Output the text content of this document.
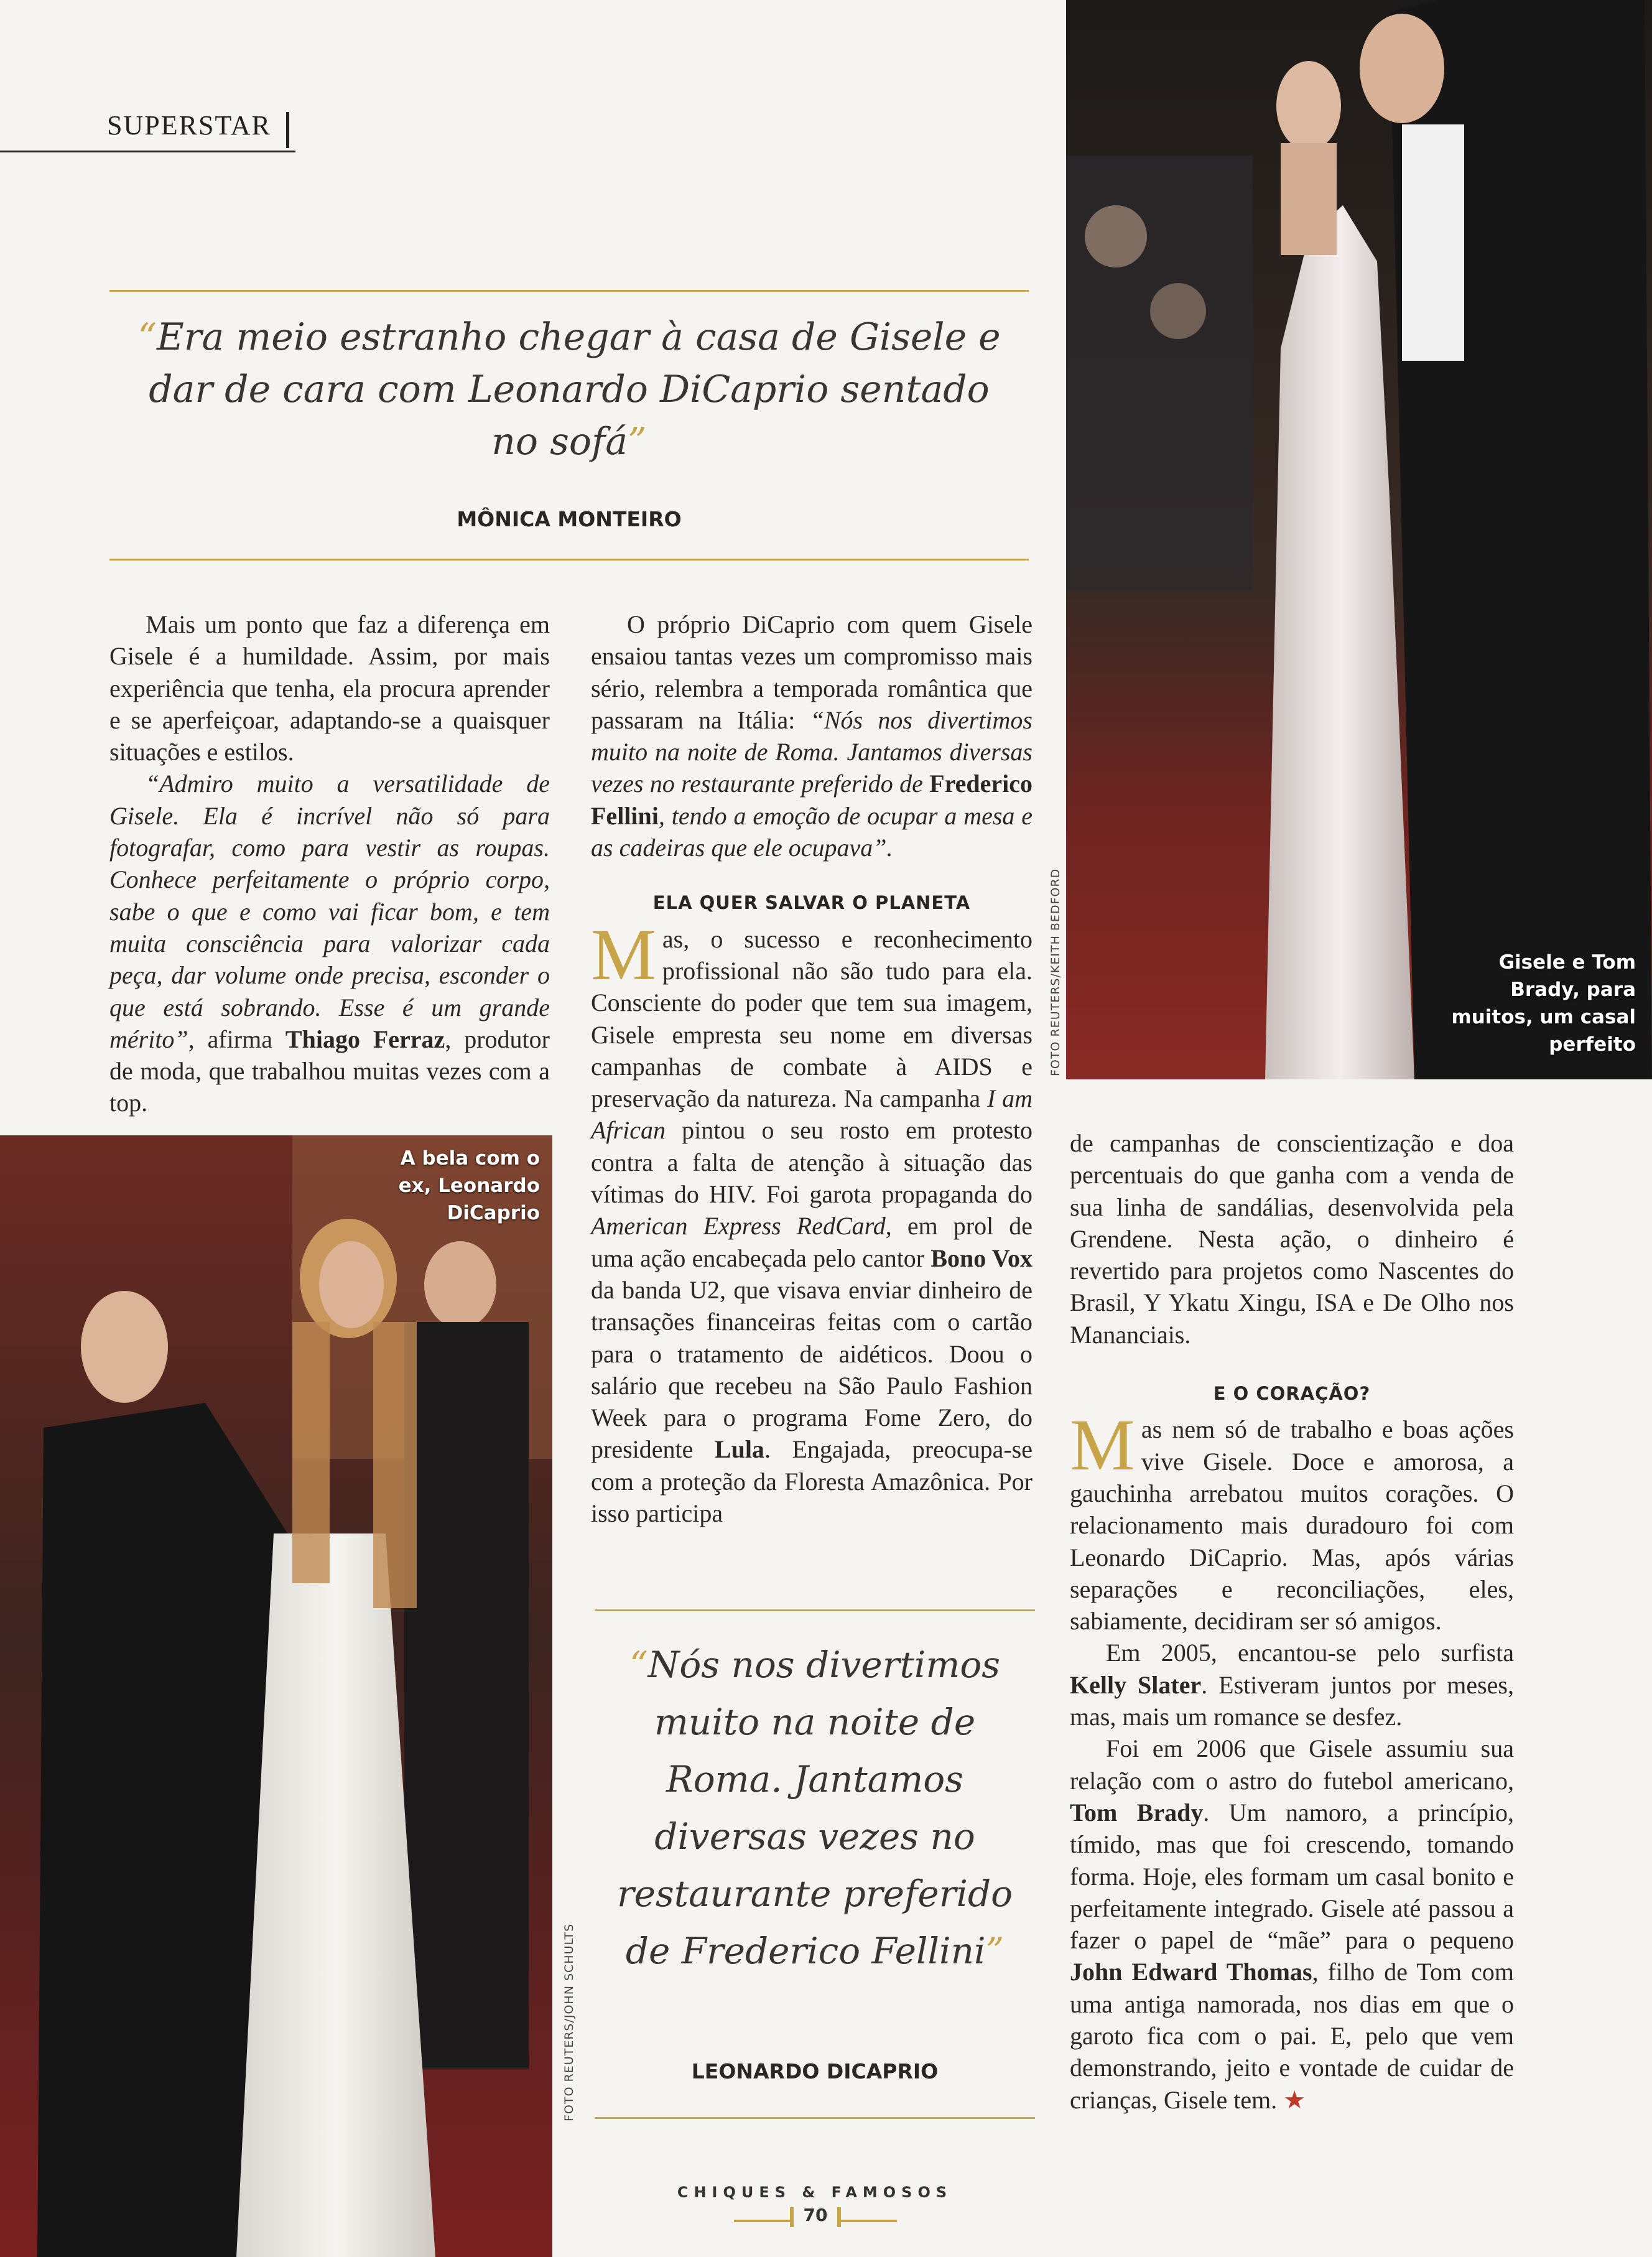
SUPERSTAR
“Era meio estranho chegar à casa de Gisele e dar de cara com Leonardo DiCaprio sentado no sofá”
MÔNICA MONTEIRO

Mais um ponto que faz a diferença em Gisele é a humildade. Assim, por mais experiência que tenha, ela procura aprender e se aperfeiçoar, adaptando-se a quaisquer situações e estilos.

“Admiro muito a versatilidade de Gisele. Ela é incrível não só para fotografar, como para vestir as roupas. Conhece perfeitamente o próprio corpo, sabe o que e como vai ficar bom, e tem muita consciência para valorizar cada peça, dar volume onde precisa, esconder o que está sobrando. Esse é um grande mérito”, afirma Thiago Ferraz, produtor de moda, que trabalhou muitas vezes com a top.

O próprio DiCaprio com quem Gisele ensaiou tantas vezes um compromisso mais sério, relembra a temporada romântica que passaram na Itália: “Nós nos divertimos muito na noite de Roma. Jantamos diversas vezes no restaurante preferido de Frederico Fellini, tendo a emoção de ocupar a mesa e as cadeiras que ele ocupava”.

ELA QUER SALVAR O PLANETA

Mas, o sucesso e reconhecimento profissional não são tudo para ela. Consciente do poder que tem sua imagem, Gisele empresta seu nome em diversas campanhas de combate à AIDS e preservação da natureza. Na campanha I am African pintou o seu rosto em protesto contra a falta de atenção à situação das vítimas do HIV. Foi garota propaganda do American Express RedCard, em prol de uma ação encabeçada pelo cantor Bono Vox da banda U2, que visava enviar dinheiro de transações financeiras feitas com o cartão para o tratamento de aidéticos. Doou o salário que recebeu na São Paulo Fashion Week para o programa Fome Zero, do presidente Lula. Engajada, preocupa-se com a proteção da Floresta Amazônica. Por isso participa

de campanhas de conscientização e doa percentuais do que ganha com a venda de sua linha de sandálias, desenvolvida pela Grendene. Nesta ação, o dinheiro é revertido para projetos como Nascentes do Brasil, Y Ykatu Xingu, ISA e De Olho nos Mananciais.

E O CORAÇÃO?

Mas nem só de trabalho e boas ações vive Gisele. Doce e amorosa, a gauchinha arrebatou muitos corações. O relacionamento mais duradouro foi com Leonardo DiCaprio. Mas, após várias separações e reconciliações, eles, sabiamente, decidiram ser só amigos.

Em 2005, encantou-se pelo surfista Kelly Slater. Estiveram juntos por meses, mas, mais um romance se desfez.

Foi em 2006 que Gisele assumiu sua relação com o astro do futebol americano, Tom Brady. Um namoro, a princípio, tímido, mas que foi crescendo, tomando forma. Hoje, eles formam um casal bonito e perfeitamente integrado. Gisele até passou a fazer o papel de “mãe” para o pequeno John Edward Thomas, filho de Tom com uma antiga namorada, nos dias em que o garoto fica com o pai. E, pelo que vem demonstrando, jeito e vontade de cuidar de crianças, Gisele tem. ★

Gisele e Tom Brady, para muitos, um casal perfeito
FOTO REUTERS/KEITH BEDFORD
A bela com o ex, Leonardo DiCaprio
FOTO REUTERS/JOHN SCHULTS
“Nós nos divertimos muito na noite de Roma. Jantamos diversas vezes no restaurante preferido de Frederico Fellini”
LEONARDO DICAPRIO
CHIQUES & FAMOSOS
70
